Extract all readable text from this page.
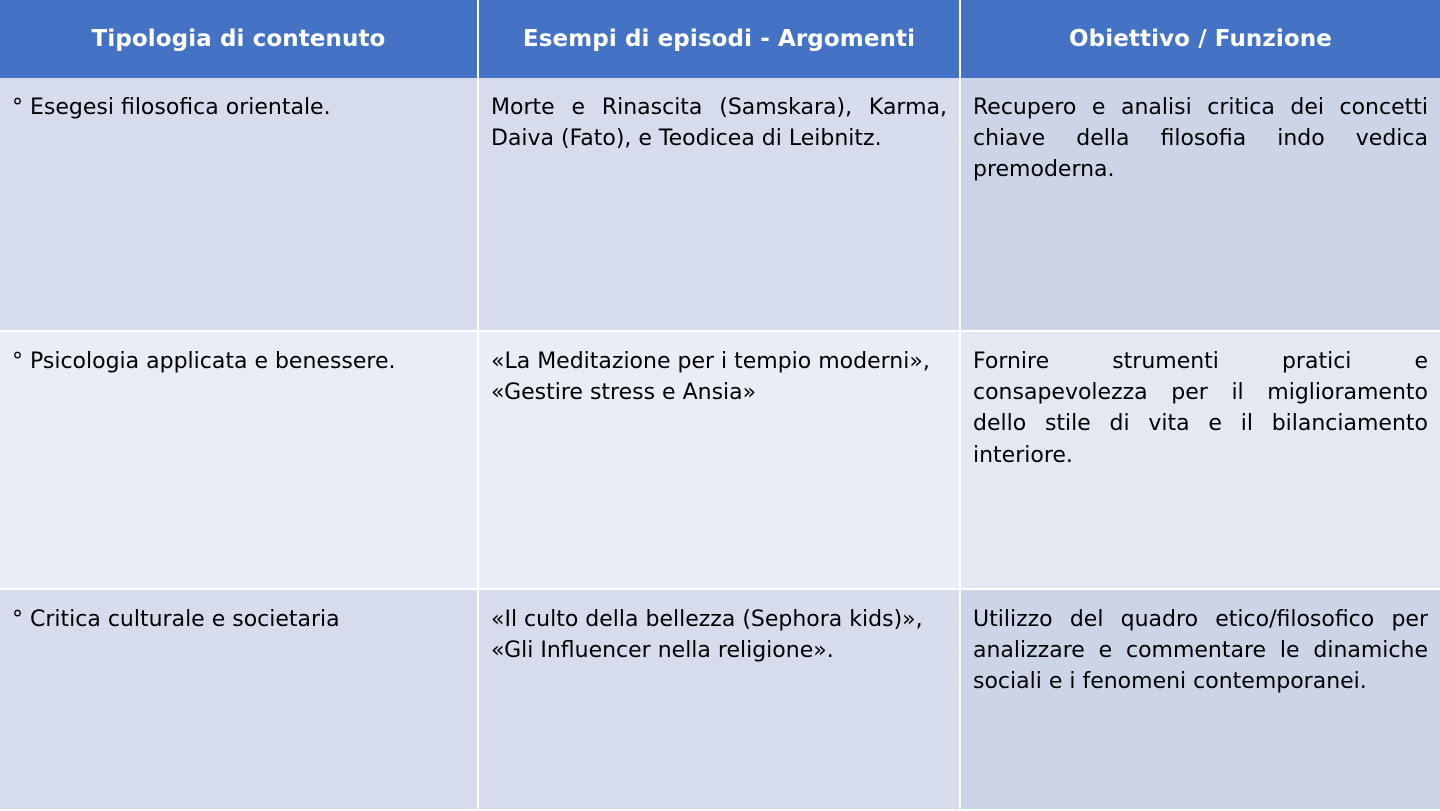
Tipologia di contenuto	Esempi di episodi - Argomenti	Obiettivo / Funzione
° Esegesi filosofica orientale.	Morte e Rinascita (Samskara), Karma, Daiva (Fato), e Teodicea di Leibnitz.	Recupero e analisi critica dei concetti chiave della filosofia indo vedica premoderna.
° Psicologia applicata e benessere.	«La Meditazione per i tempio moderni», «Gestire stress e Ansia»	Fornire strumenti pratici e consapevolezza per il miglioramento dello stile di vita e il bilanciamento interiore.
° Critica culturale e societaria	«Il culto della bellezza (Sephora kids)», «Gli Influencer nella religione».	Utilizzo del quadro etico/filosofico per analizzare e commentare le dinamiche sociali e i fenomeni contemporanei.
